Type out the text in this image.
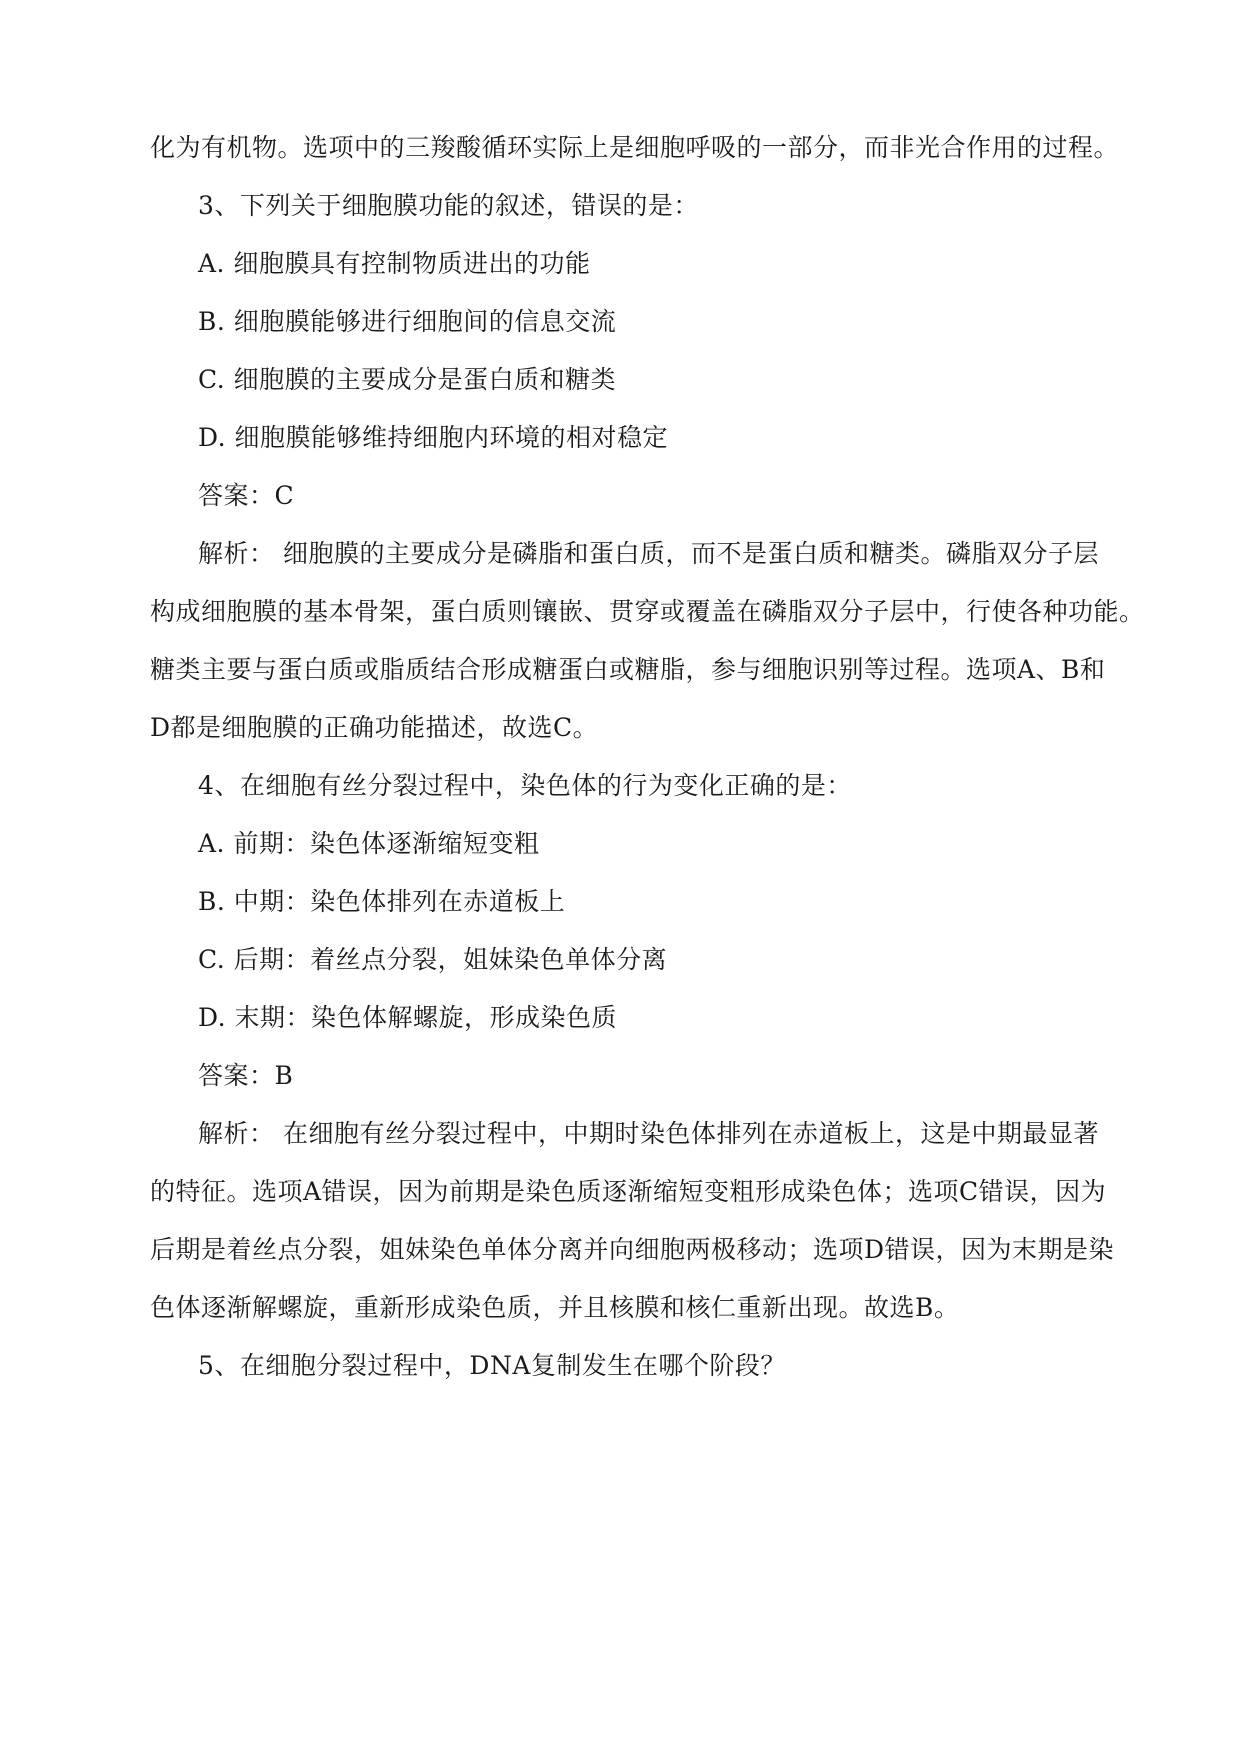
化为有机物。选项中的三羧酸循环实际上是细胞呼吸的一部分，而非光合作用的过程。
3、下列关于细胞膜功能的叙述，错误的是：
A. 细胞膜具有控制物质进出的功能
B. 细胞膜能够进行细胞间的信息交流
C. 细胞膜的主要成分是蛋白质和糖类
D. 细胞膜能够维持细胞内环境的相对稳定
答案：C
解析： 细胞膜的主要成分是磷脂和蛋白质，而不是蛋白质和糖类。磷脂双分子层
构成细胞膜的基本骨架，蛋白质则镶嵌、贯穿或覆盖在磷脂双分子层中，行使各种功能。
糖类主要与蛋白质或脂质结合形成糖蛋白或糖脂，参与细胞识别等过程。选项A、B和
D都是细胞膜的正确功能描述，故选C。
4、在细胞有丝分裂过程中，染色体的行为变化正确的是：
A. 前期：染色体逐渐缩短变粗
B. 中期：染色体排列在赤道板上
C. 后期：着丝点分裂，姐妹染色单体分离
D. 末期：染色体解螺旋，形成染色质
答案：B
解析： 在细胞有丝分裂过程中，中期时染色体排列在赤道板上，这是中期最显著
的特征。选项A错误，因为前期是染色质逐渐缩短变粗形成染色体；选项C错误，因为
后期是着丝点分裂，姐妹染色单体分离并向细胞两极移动；选项D错误，因为末期是染
色体逐渐解螺旋，重新形成染色质，并且核膜和核仁重新出现。故选B。
5、在细胞分裂过程中，DNA复制发生在哪个阶段？
